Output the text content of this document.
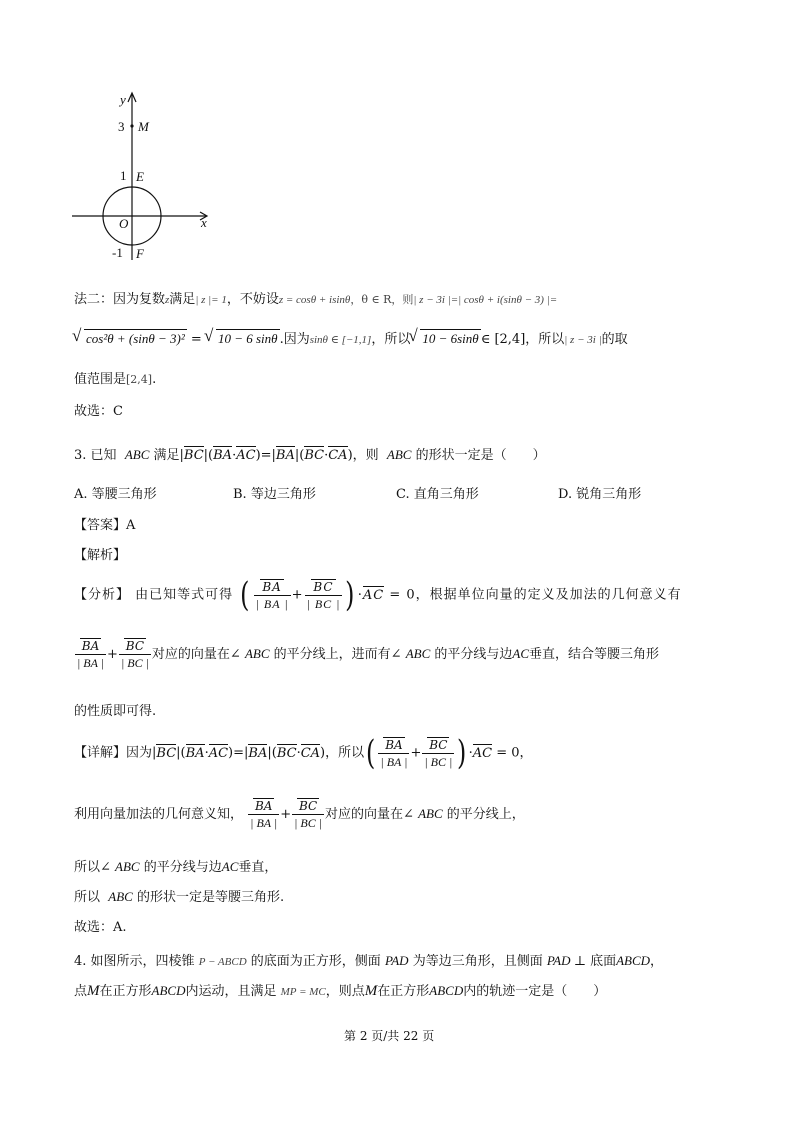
y
x
3 M
1 E
O
-1 F
法二：因为复数z满足| z |= 1，不妨设z = cosθ + isinθ，θ ∈ R，则| z − 3i |=| cosθ + i(sinθ − 3) |=
√ cos²θ + (sinθ − 3)² = √ 10 − 6 sinθ .因为sinθ ∈ [−1,1]，所以 √ 10 − 6sinθ ∈ [2,4]，所以| z − 3i |的取
值范围是[2,4].
故选：C
3. 已知 ABC 满足|BC|(BA·AC)=|BA|(BC·CA)，则 ABC 的形状一定是（　　）
A. 等腰三角形	B. 等边三角形	C. 直角三角形	D. 锐角三角形
【答案】A
【解析】
【分析】 由已知等式可得 ( $\frac{BA}{| BA |} + \frac{BC}{| BC |}$ ) ·AC = 0，根据单位向量的定义及加法的几何意义有
$\frac{BA}{| BA |} + \frac{BC}{| BC |}$ 对应的向量在∠ ABC 的平分线上，进而有∠ ABC 的平分线与边AC垂直，结合等腰三角形
的性质即可得.
【详解】因为|BC|(BA·AC)=|BA|(BC·CA)，所以( $\frac{BA}{| BA |} + \frac{BC}{| BC |}$ ) ·AC = 0，
利用向量加法的几何意义知， $\frac{BA}{| BA |} + \frac{BC}{| BC |}$ 对应的向量在∠ ABC 的平分线上，
所以∠ ABC 的平分线与边AC垂直，
所以 ABC 的形状一定是等腰三角形.
故选：A.
4. 如图所示，四棱锥 P − ABCD 的底面为正方形，侧面 PAD 为等边三角形，且侧面 PAD ⊥ 底面ABCD，
点M在正方形ABCD内运动，且满足 MP = MC，则点M在正方形ABCD内的轨迹一定是（　　）
第 2 页/共 22 页
